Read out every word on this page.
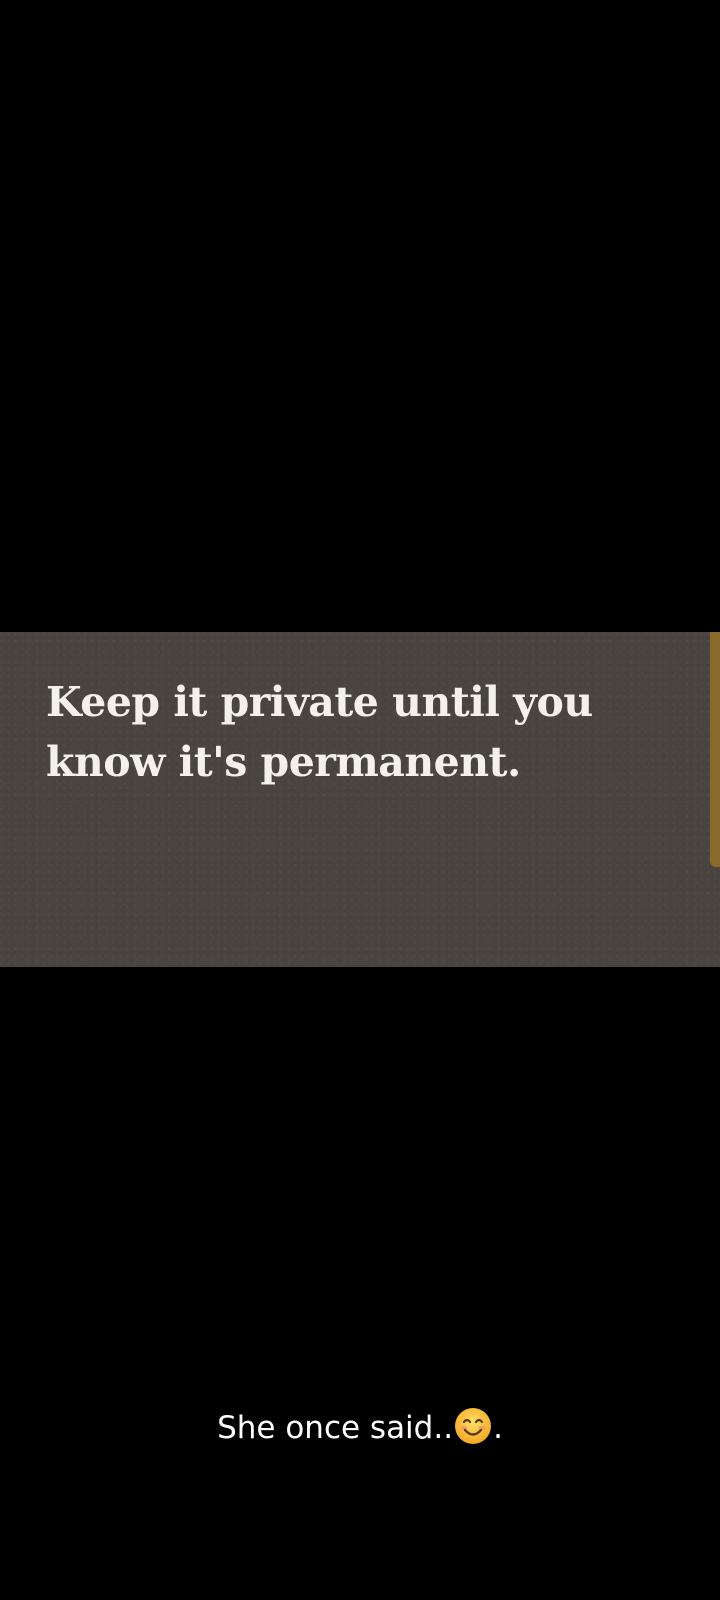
Keep it private until you know it's permanent.

She once said.. .
